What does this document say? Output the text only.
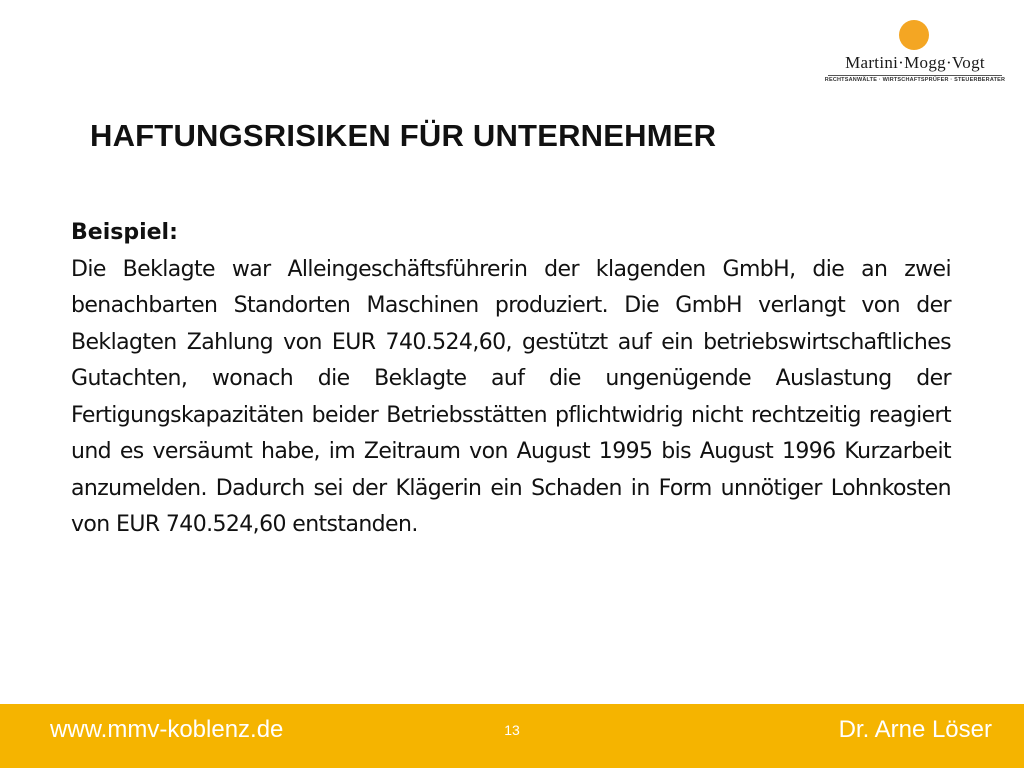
Martini·Mogg·Vogt
RECHTSANWÄLTE · WIRTSCHAFTSPRÜFER · STEUERBERATER
HAFTUNGSRISIKEN FÜR UNTERNEHMER

Beispiel:

Die Beklagte war Alleingeschäftsführerin der klagenden GmbH, die an zwei benachbarten Standorten Maschinen produziert. Die GmbH verlangt von der Beklagten Zahlung von EUR 740.524,60, gestützt auf ein betriebswirtschaftliches Gutachten, wonach die Beklagte auf die ungenügende Auslastung der Fertigungskapazitäten beider Betriebsstätten pflichtwidrig nicht rechtzeitig reagiert und es versäumt habe, im Zeitraum von August 1995 bis August 1996 Kurzarbeit anzumelden. Dadurch sei der Klägerin ein Schaden in Form unnötiger Lohnkosten von EUR 740.524,60 entstanden.

www.mmv-koblenz.de	13	Dr. Arne Löser
